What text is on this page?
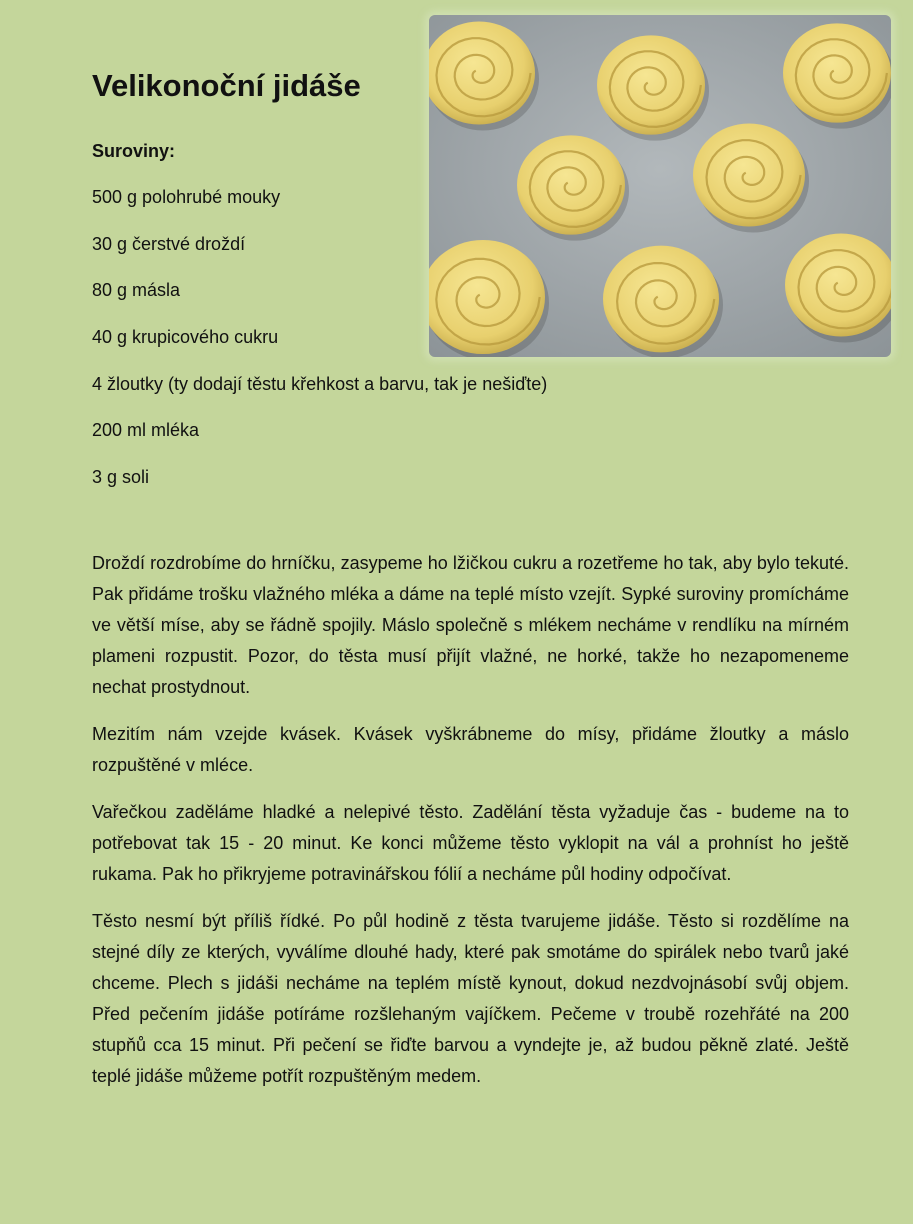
Velikonoční jidáše
Suroviny:
500 g polohrubé mouky
30 g čerstvé droždí
80 g másla
40 g krupicového cukru
4 žloutky (ty dodají těstu křehkost a barvu, tak je nešiďte)
200 ml mléka
3 g soli

Droždí rozdrobíme do hrníčku, zasypeme ho lžičkou cukru a rozetřeme ho tak, aby bylo tekuté. Pak přidáme trošku vlažného mléka a dáme na teplé místo vzejít. Sypké suroviny promícháme ve větší míse, aby se řádně spojily. Máslo společně s mlékem necháme v rendlíku na mírném plameni rozpustit. Pozor, do těsta musí přijít vlažné, ne horké, takže ho nezapomeneme nechat prostydnout.

Mezitím nám vzejde kvásek. Kvásek vyškrábneme do mísy, přidáme žloutky a máslo rozpuštěné v mléce.

Vařečkou zaděláme hladké a nelepivé těsto. Zadělání těsta vyžaduje čas - budeme na to potřebovat tak 15 - 20 minut. Ke konci můžeme těsto vyklopit na vál a prohníst ho ještě rukama. Pak ho přikryjeme potravinářskou fólií a necháme půl hodiny odpočívat.

Těsto nesmí být příliš řídké. Po půl hodině z těsta tvarujeme jidáše. Těsto si rozdělíme na stejné díly ze kterých, vyválíme dlouhé hady, které pak smotáme do spirálek nebo tvarů jaké chceme. Plech s jidáši necháme na teplém místě kynout, dokud nezdvojnásobí svůj objem. Před pečením jidáše potíráme rozšlehaným vajíčkem. Pečeme v troubě rozehřáté na 200 stupňů cca 15 minut. Při pečení se řiďte barvou a vyndejte je, až budou pěkně zlaté. Ještě teplé jidáše můžeme potřít rozpuštěným medem.
